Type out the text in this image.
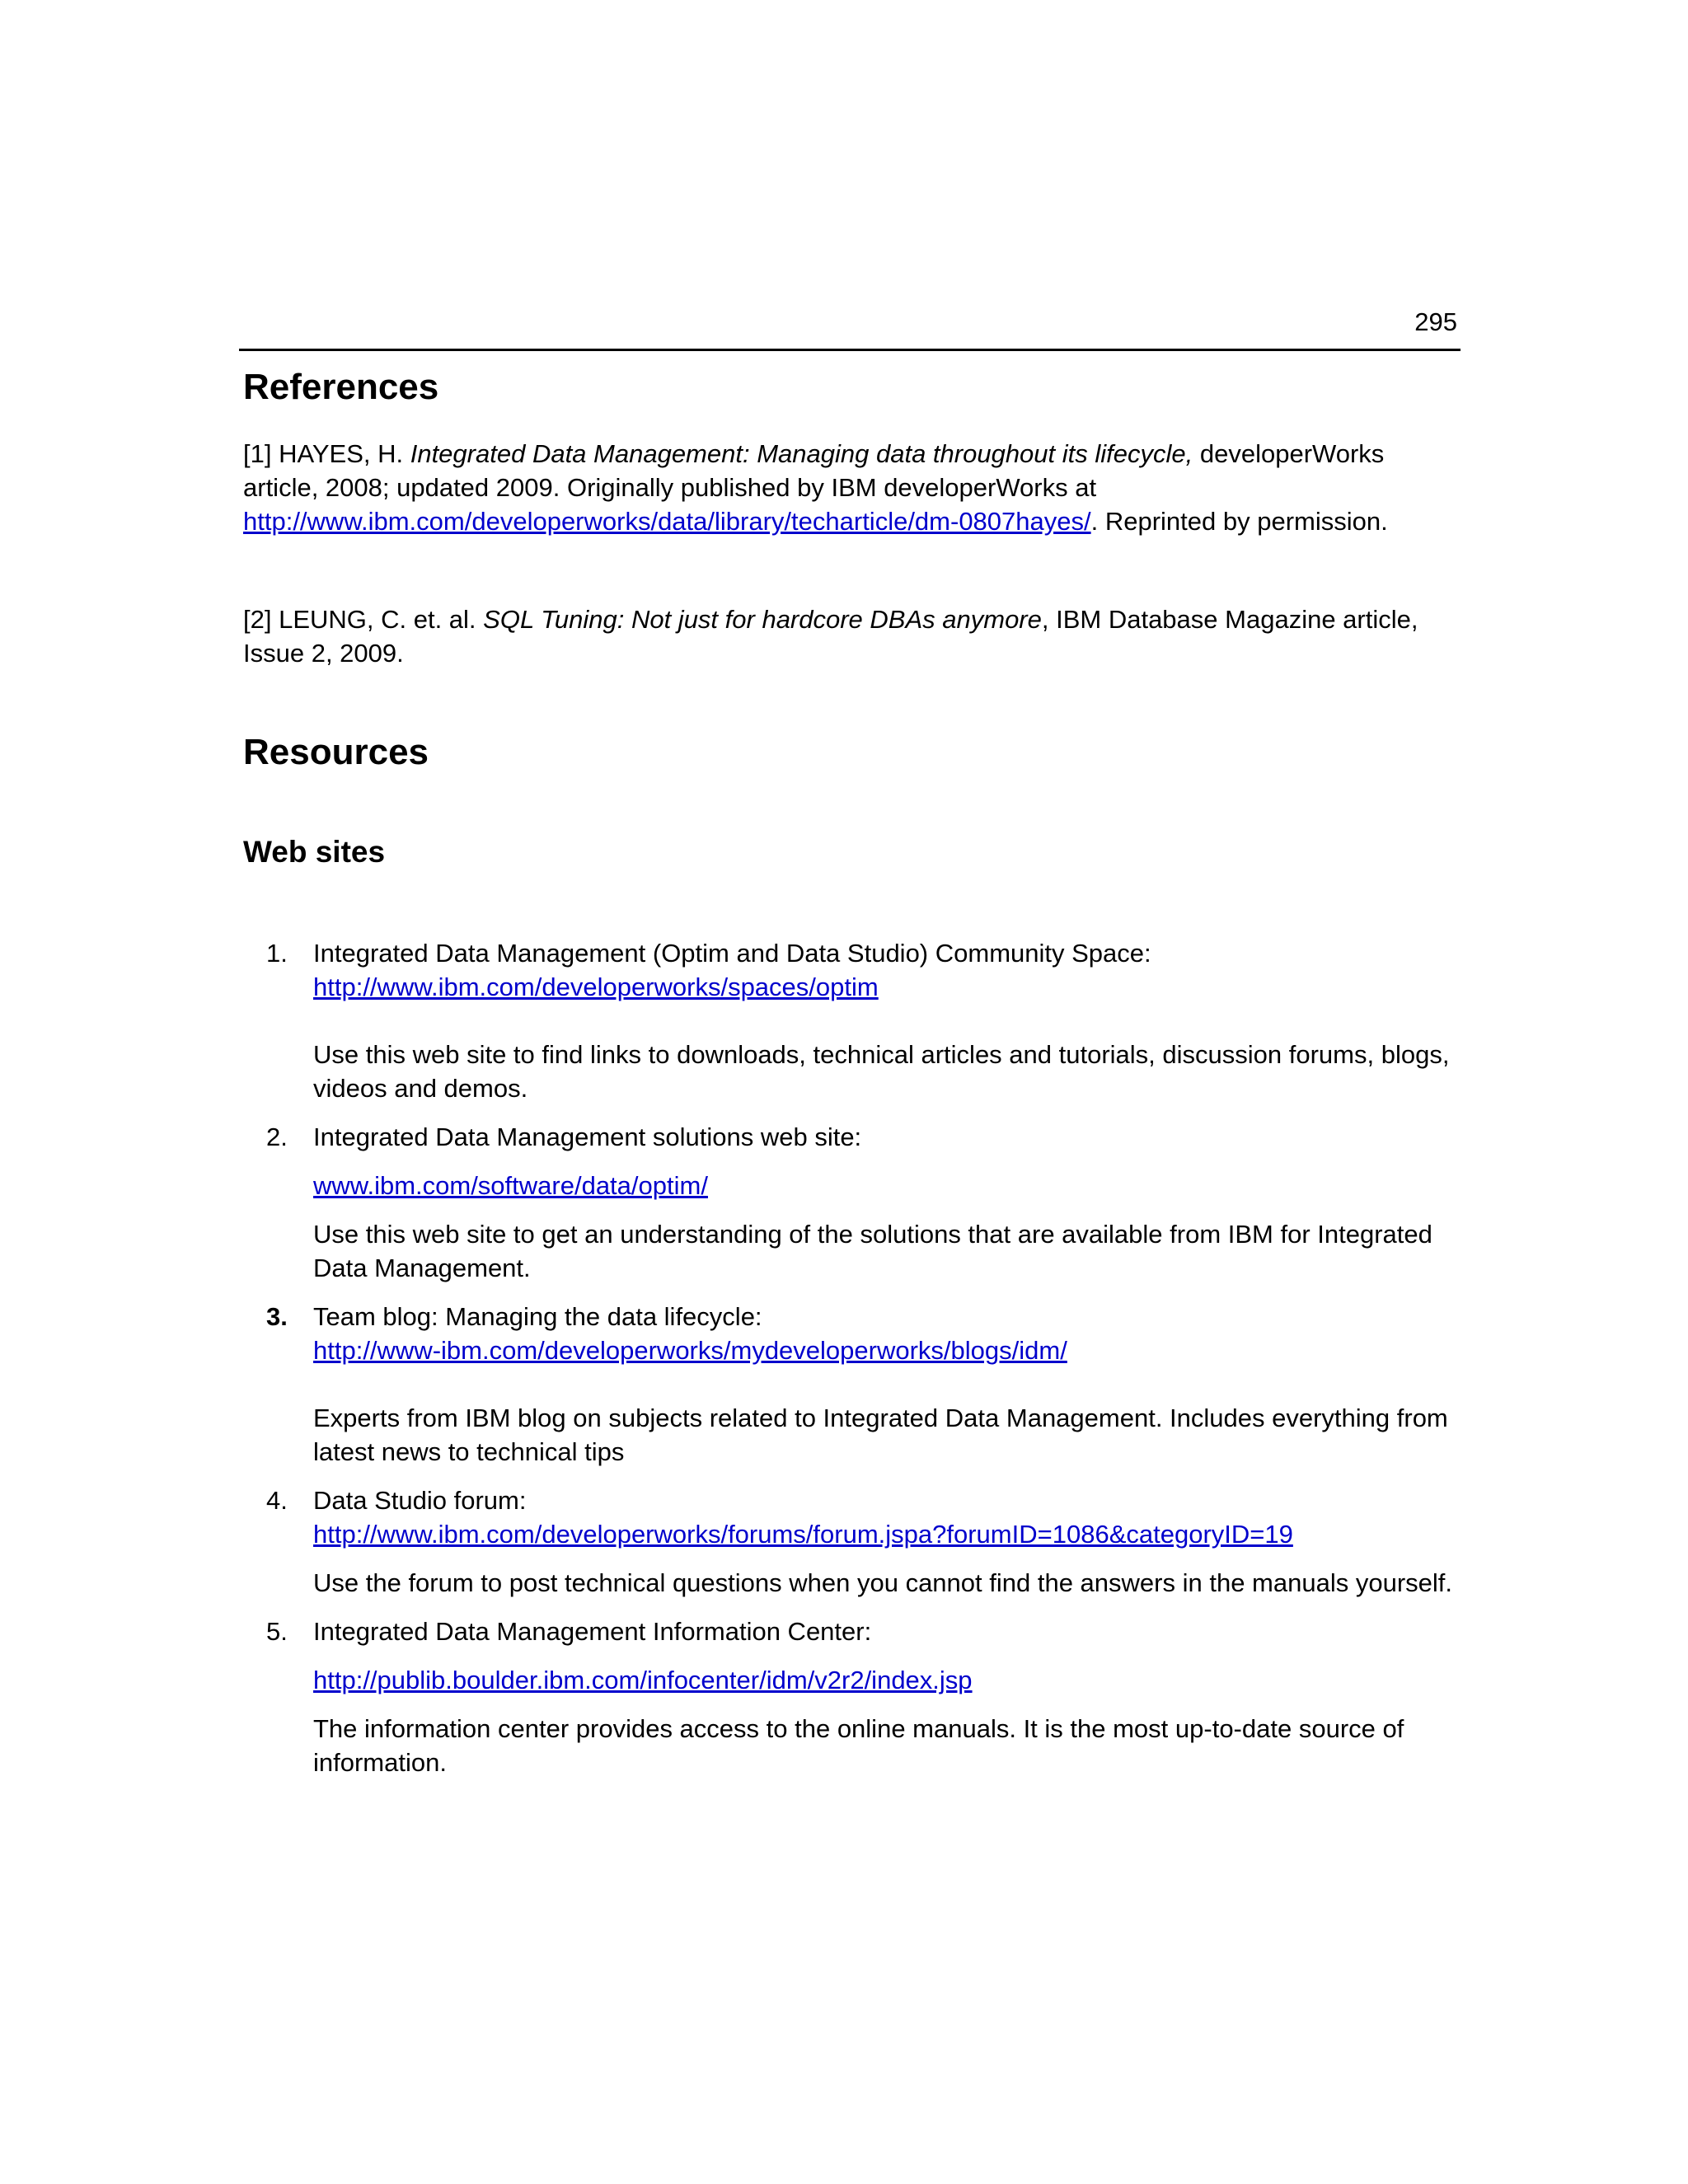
295
References

[1] HAYES, H. Integrated Data Management: Managing data throughout its lifecycle, developerWorks article, 2008; updated 2009. Originally published by IBM developerWorks at http://www.ibm.com/developerworks/data/library/techarticle/dm-0807hayes/. Reprinted by permission.

[2] LEUNG, C. et. al. SQL Tuning: Not just for hardcore DBAs anymore, IBM Database Magazine article, Issue 2, 2009.

Resources
Web sites
1.	Integrated Data Management (Optim and Data Studio) Community Space:
http://www.ibm.com/developerworks/spaces/optim
Use this web site to find links to downloads, technical articles and tutorials, discussion forums, blogs, videos and demos.
2.	Integrated Data Management solutions web site:
www.ibm.com/software/data/optim/
Use this web site to get an understanding of the solutions that are available from IBM for Integrated Data Management.
3.	Team blog: Managing the data lifecycle:
http://www-ibm.com/developerworks/mydeveloperworks/blogs/idm/
Experts from IBM blog on subjects related to Integrated Data Management. Includes everything from latest news to technical tips
4.	Data Studio forum:
http://www.ibm.com/developerworks/forums/forum.jspa?forumID=1086&categoryID=19
Use the forum to post technical questions when you cannot find the answers in the manuals yourself.
5.	Integrated Data Management Information Center:
http://publib.boulder.ibm.com/infocenter/idm/v2r2/index.jsp
The information center provides access to the online manuals. It is the most up-to-date source of information.
